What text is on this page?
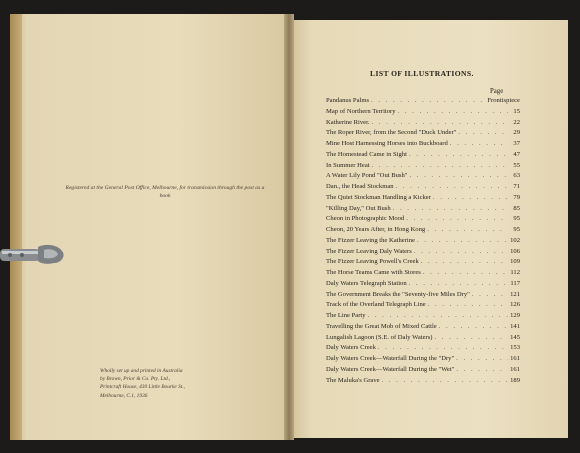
Registered at the General Post Office, Melbourne, for transmission through the post as a book
Wholly set up and printed in Australia
by Brown, Prior & Co. Pty. Ltd.,
Printcraft House, 430 Little Bourke St.,
Melbourne, C.1, 1936
LIST OF ILLUSTRATIONS.
Page
Pandanus Palms . . .	Frontispiece
Map of Northern Territory . . .	15
Katherine River. . . .	22
The Roper River, from the Second "Duck Under" . . .	29
Mine Host Harnessing Horses into Buckboard . . .	37
The Homestead Came in Sight . . .	47
In Summer Heat . . .	55
A Water Lily Pond "Out Bush" . . .	63
Dan., the Head Stockman . . .	71
The Quiet Stockman Handling a Kicker . . .	79
"Killing Day," Out Bush . . .	85
Cheon in Photographic Mood . . .	95
Cheon, 20 Years After, in Hong Kong . . .	95
The Fizzer Leaving the Katherine . . .	102
The Fizzer Leaving Daly Waters . . .	106
The Fizzer Leaving Powell's Creek . . .	109
The Horse Teams Came with Stores . . .	112
Daly Waters Telegraph Station . . .	117
The Government Breaks the "Seventy-five Miles Dry" . . .	121
Track of the Overland Telegraph Line . . .	126
The Line Party . . .	129
Travelling the Great Mob of Mixed Cattle . . .	141
Lungalish Lagoon (S.E. of Daly Waters) . . .	145
Daly Waters Creek . . .	153
Daly Waters Creek—Waterfall During the "Dry" . . .	161
Daly Waters Creek—Waterfall During the "Wet" . . .	161
The Maluka's Grave . . .	189
